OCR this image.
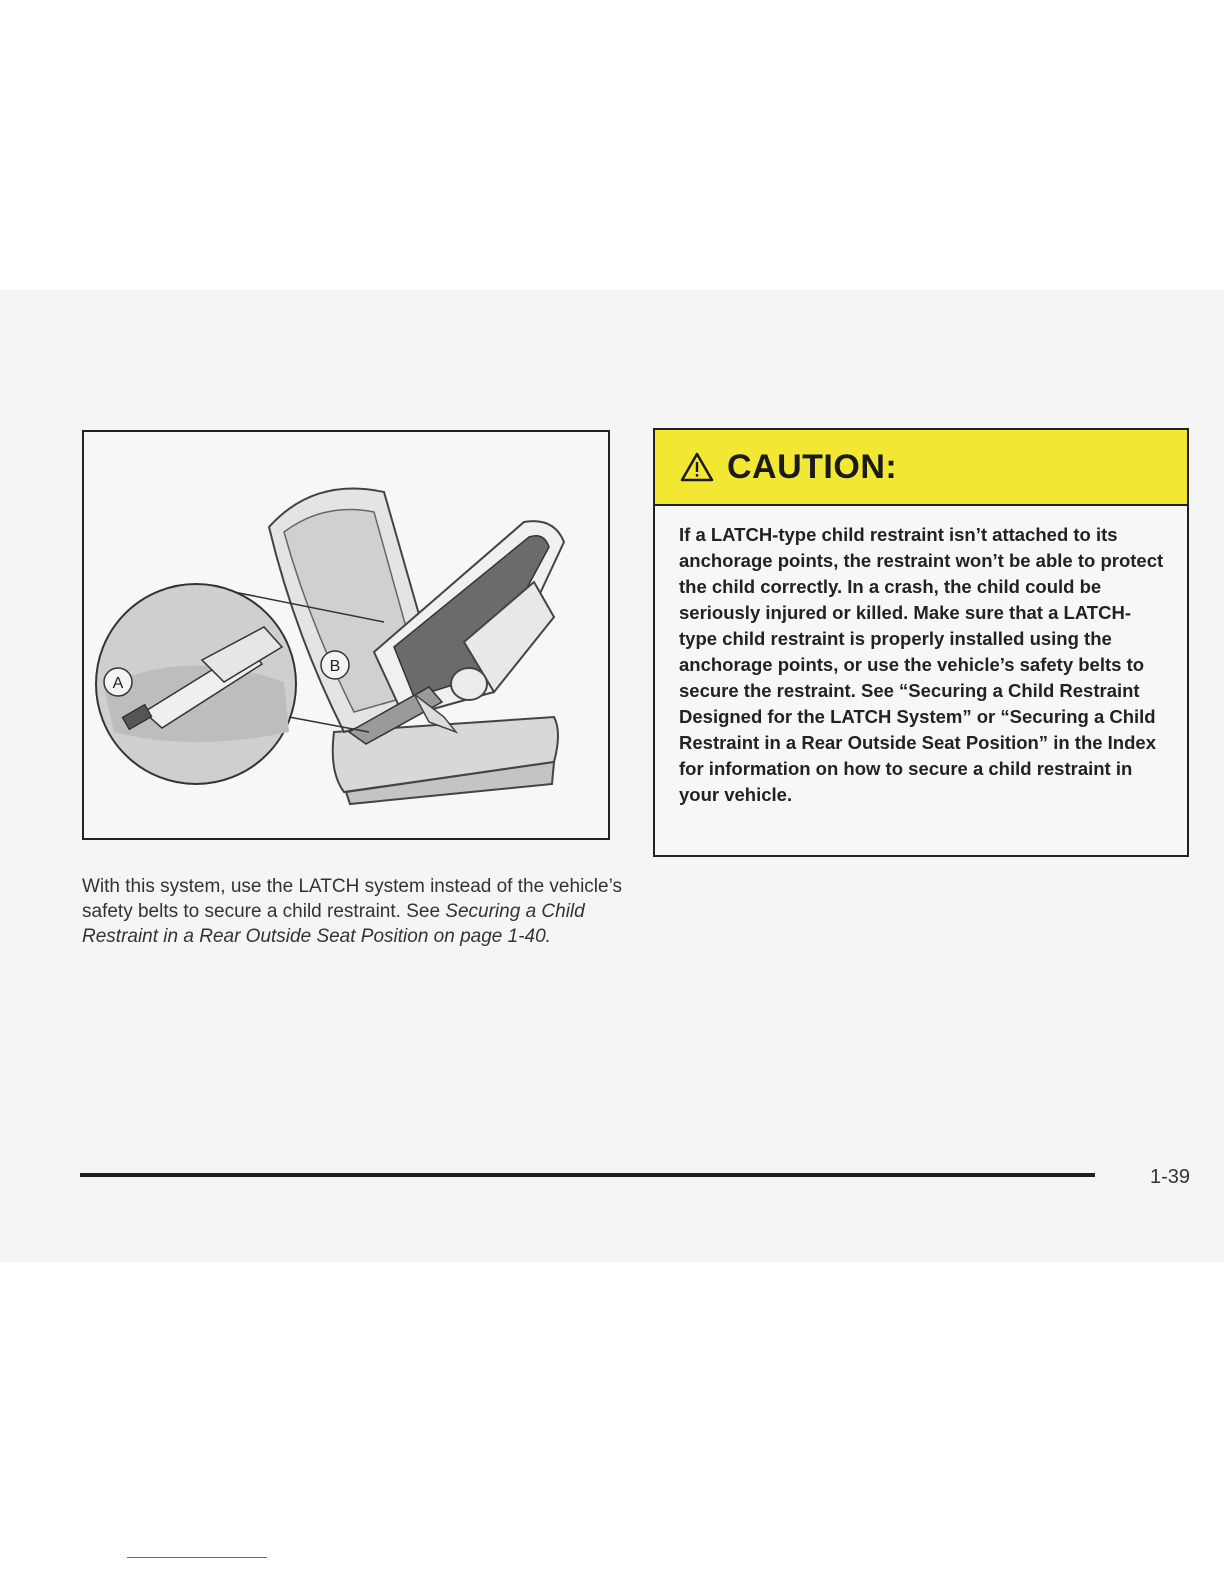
A
B
With this system, use the LATCH system instead of the vehicle’s safety belts to secure a child restraint. See Securing a Child Restraint in a Rear Outside Seat Position on page 1-40.
CAUTION:
If a LATCH-type child restraint isn’t attached to its anchorage points, the restraint won’t be able to protect the child correctly. In a crash, the child could be seriously injured or killed. Make sure that a LATCH-type child restraint is properly installed using the anchorage points, or use the vehicle’s safety belts to secure the restraint. See “Securing a Child Restraint Designed for the LATCH System” or “Securing a Child Restraint in a Rear Outside Seat Position” in the Index for information on how to secure a child restraint in your vehicle.
1-39
